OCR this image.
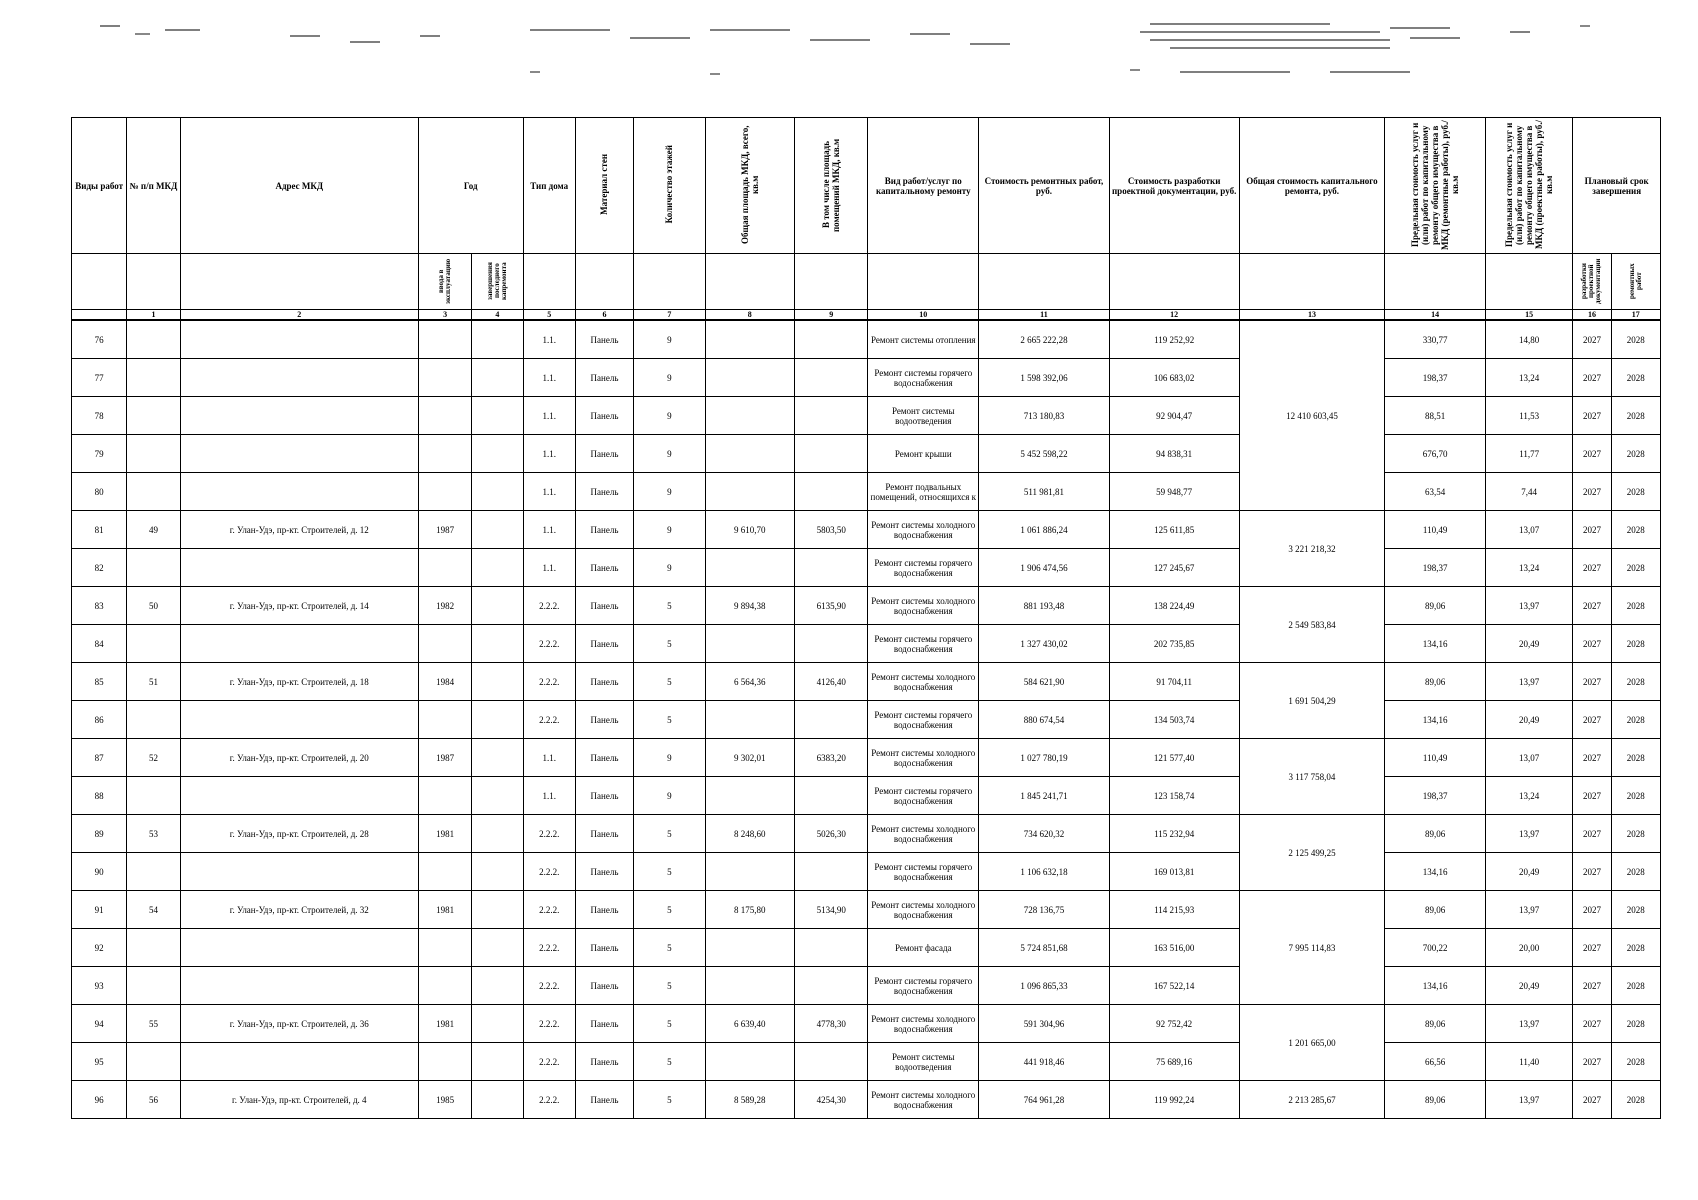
Виды работ	№ п/п МКД	Адрес МКД	Год		Тип дома	Материал стен	Количество этажей	Общая площадь МКД, всего, кв.м	В том числе площадь помещений МКД, кв.м	Вид работ/услуг по капитальному ремонту	Стоимость ремонтных работ, руб.	Стоимость разработки проектной документации, руб.	Общая стоимость капитального ремонта, руб.	Предельная стоимость услуг и (или) работ по капитальному ремонту общего имущества в МКД (ремонтные работы), руб./кв.м	Предельная стоимость услуг и (или) работ по капитальному ремонту общего имущества в МКД (проектные работы), руб./кв.м	Плановый срок завершения	
			ввода в эксплуатацию	завершения последнего капремонта												разработки проектной документации	ремонтных работ
	1	2	3	4	5	6	7	8	9	10	11	12	13	14	15	16	17
76					1.1.	Панель	9			Ремонт системы отопления	2 665 222,28	119 252,92	12 410 603,45	330,77	14,80	2027	2028
77					1.1.	Панель	9			Ремонт системы горячего водоснабжения	1 598 392,06	106 683,02		198,37	13,24	2027	2028
78					1.1.	Панель	9			Ремонт системы водоотведения	713 180,83	92 904,47		88,51	11,53	2027	2028
79					1.1.	Панель	9			Ремонт крыши	5 452 598,22	94 838,31		676,70	11,77	2027	2028
80					1.1.	Панель	9			Ремонт подвальных помещений, относящихся к	511 981,81	59 948,77		63,54	7,44	2027	2028
81	49	г. Улан-Удэ, пр-кт. Строителей, д. 12	1987		1.1.	Панель	9	9 610,70	5803,50	Ремонт системы холодного водоснабжения	1 061 886,24	125 611,85	3 221 218,32	110,49	13,07	2027	2028
82					1.1.	Панель	9			Ремонт системы горячего водоснабжения	1 906 474,56	127 245,67		198,37	13,24	2027	2028
83	50	г. Улан-Удэ, пр-кт. Строителей, д. 14	1982		2.2.2.	Панель	5	9 894,38	6135,90	Ремонт системы холодного водоснабжения	881 193,48	138 224,49	2 549 583,84	89,06	13,97	2027	2028
84					2.2.2.	Панель	5			Ремонт системы горячего водоснабжения	1 327 430,02	202 735,85		134,16	20,49	2027	2028
85	51	г. Улан-Удэ, пр-кт. Строителей, д. 18	1984		2.2.2.	Панель	5	6 564,36	4126,40	Ремонт системы холодного водоснабжения	584 621,90	91 704,11	1 691 504,29	89,06	13,97	2027	2028
86					2.2.2.	Панель	5			Ремонт системы горячего водоснабжения	880 674,54	134 503,74		134,16	20,49	2027	2028
87	52	г. Улан-Удэ, пр-кт. Строителей, д. 20	1987		1.1.	Панель	9	9 302,01	6383,20	Ремонт системы холодного водоснабжения	1 027 780,19	121 577,40	3 117 758,04	110,49	13,07	2027	2028
88					1.1.	Панель	9			Ремонт системы горячего водоснабжения	1 845 241,71	123 158,74		198,37	13,24	2027	2028
89	53	г. Улан-Удэ, пр-кт. Строителей, д. 28	1981		2.2.2.	Панель	5	8 248,60	5026,30	Ремонт системы холодного водоснабжения	734 620,32	115 232,94	2 125 499,25	89,06	13,97	2027	2028
90					2.2.2.	Панель	5			Ремонт системы горячего водоснабжения	1 106 632,18	169 013,81		134,16	20,49	2027	2028
91	54	г. Улан-Удэ, пр-кт. Строителей, д. 32	1981		2.2.2.	Панель	5	8 175,80	5134,90	Ремонт системы холодного водоснабжения	728 136,75	114 215,93	7 995 114,83	89,06	13,97	2027	2028
92					2.2.2.	Панель	5			Ремонт фасада	5 724 851,68	163 516,00		700,22	20,00	2027	2028
93					2.2.2.	Панель	5			Ремонт системы горячего водоснабжения	1 096 865,33	167 522,14		134,16	20,49	2027	2028
94	55	г. Улан-Удэ, пр-кт. Строителей, д. 36	1981		2.2.2.	Панель	5	6 639,40	4778,30	Ремонт системы холодного водоснабжения	591 304,96	92 752,42	1 201 665,00	89,06	13,97	2027	2028
95					2.2.2.	Панель	5			Ремонт системы водоотведения	441 918,46	75 689,16		66,56	11,40	2027	2028
96	56	г. Улан-Удэ, пр-кт. Строителей, д. 4	1985		2.2.2.	Панель	5	8 589,28	4254,30	Ремонт системы холодного водоснабжения	764 961,28	119 992,24	2 213 285,67	89,06	13,97	2027	2028
